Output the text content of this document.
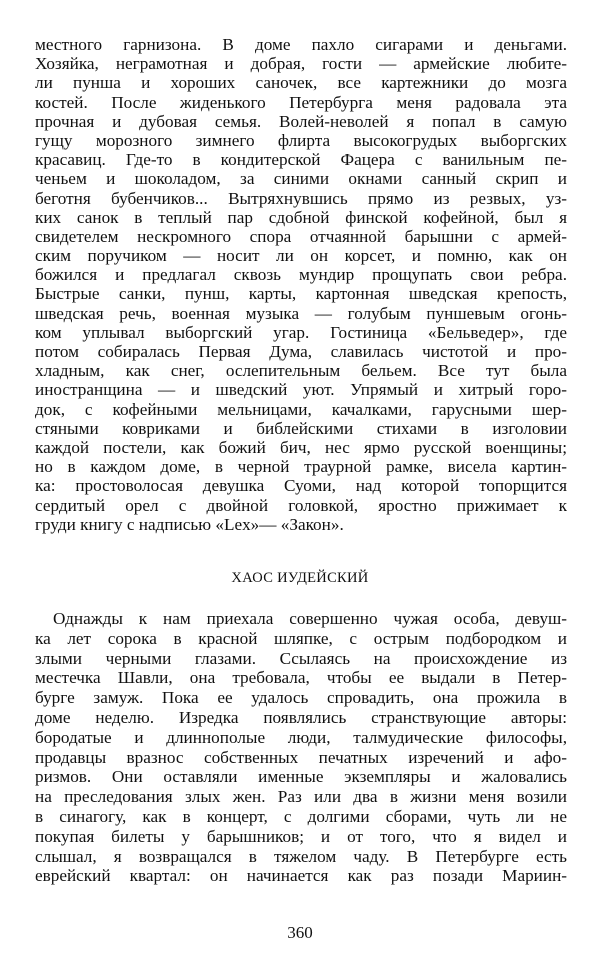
местного гарнизона. В доме пахло сигарами и деньгами.
Хозяйка, неграмотная и добрая, гости — армейские любите-
ли пунша и хороших саночек, все картежники до мозга
костей. После жиденького Петербурга меня радовала эта
прочная и дубовая семья. Волей-неволей я попал в самую
гущу морозного зимнего флирта высокогрудых выборгских
красавиц. Где-то в кондитерской Фацера с ванильным пе-
ченьем и шоколадом, за синими окнами санный скрип и
беготня бубенчиков... Вытряхнувшись прямо из резвых, уз-
ких санок в теплый пар сдобной финской кофейной, был я
свидетелем нескромного спора отчаянной барышни с армей-
ским поручиком — носит ли он корсет, и помню, как он
божился и предлагал сквозь мундир прощупать свои ребра.
Быстрые санки, пунш, карты, картонная шведская крепость,
шведская речь, военная музыка — голубым пуншевым огонь-
ком уплывал выборгский угар. Гостиница «Бельведер», где
потом собиралась Первая Дума, славилась чистотой и про-
хладным, как снег, ослепительным бельем. Все тут была
иностранщина — и шведский уют. Упрямый и хитрый горо-
док, с кофейными мельницами, качалками, гарусными шер-
стяными ковриками и библейскими стихами в изголовии
каждой постели, как божий бич, нес ярмо русской военщины;
но в каждом доме, в черной траурной рамке, висела картин-
ка: простоволосая девушка Суоми, над которой топорщится
сердитый орел с двойной головкой, яростно прижимает к
груди книгу с надписью «Lex»— «Закон».
ХАОС ИУДЕЙСКИЙ
Однажды к нам приехала совершенно чужая особа, девуш-
ка лет сорока в красной шляпке, с острым подбородком и
злыми черными глазами. Ссылаясь на происхождение из
местечка Шавли, она требовала, чтобы ее выдали в Петер-
бурге замуж. Пока ее удалось спровадить, она прожила в
доме неделю. Изредка появлялись странствующие авторы:
бородатые и длиннополые люди, талмудические философы,
продавцы вразнос собственных печатных изречений и афо-
ризмов. Они оставляли именные экземпляры и жаловались
на преследования злых жен. Раз или два в жизни меня возили
в синагогу, как в концерт, с долгими сборами, чуть ли не
покупая билеты у барышников; и от того, что я видел и
слышал, я возвращался в тяжелом чаду. В Петербурге есть
еврейский квартал: он начинается как раз позади Мариин-
360
